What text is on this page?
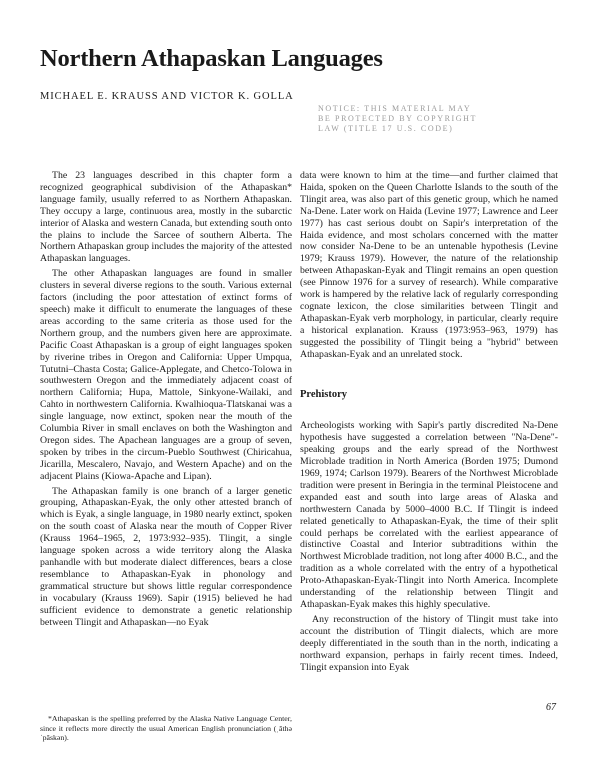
Northern Athapaskan Languages
MICHAEL E. KRAUSS AND VICTOR K. GOLLA
NOTICE: THIS MATERIAL MAY
BE PROTECTED BY COPYRIGHT
LAW (TITLE 17 U.S. CODE)

The 23 languages described in this chapter form a recognized geographical subdivision of the Athapaskan* language family, usually referred to as Northern Athapaskan. They occupy a large, continuous area, mostly in the subarctic interior of Alaska and western Canada, but extending south onto the plains to include the Sarcee of southern Alberta. The Northern Athapaskan group includes the majority of the attested Athapaskan languages.

The other Athapaskan languages are found in smaller clusters in several diverse regions to the south. Various external factors (including the poor attestation of extinct forms of speech) make it difficult to enumerate the languages of these areas according to the same criteria as those used for the Northern group, and the numbers given here are approximate. Pacific Coast Athapaskan is a group of eight languages spoken by riverine tribes in Oregon and California: Upper Umpqua, Tututni–Chasta Costa; Galice-Applegate, and Chetco-Tolowa in southwestern Oregon and the immediately adjacent coast of northern California; Hupa, Mattole, Sinkyone-Wailaki, and Cahto in northwestern California. Kwalhioqua-Tlatskanai was a single language, now extinct, spoken near the mouth of the Columbia River in small enclaves on both the Washington and Oregon sides. The Apachean languages are a group of seven, spoken by tribes in the circum-Pueblo Southwest (Chiricahua, Jicarilla, Mescalero, Navajo, and Western Apache) and on the adjacent Plains (Kiowa-Apache and Lipan).

The Athapaskan family is one branch of a larger genetic grouping, Athapaskan-Eyak, the only other attested branch of which is Eyak, a single language, in 1980 nearly extinct, spoken on the south coast of Alaska near the mouth of Copper River (Krauss 1964–1965, 2, 1973:932–935). Tlingit, a single language spoken across a wide territory along the Alaska panhandle with but moderate dialect differences, bears a close resemblance to Athapaskan-Eyak in phonology and grammatical structure but shows little regular correspondence in vocabulary (Krauss 1969). Sapir (1915) believed he had sufficient evidence to demonstrate a genetic relationship between Tlingit and Athapaskan—no Eyak

*Athapaskan is the spelling preferred by the Alaska Native Language Center, since it reflects more directly the usual American English pronunciation (ˌăthəˈpăskən).

data were known to him at the time—and further claimed that Haida, spoken on the Queen Charlotte Islands to the south of the Tlingit area, was also part of this genetic group, which he named Na-Dene. Later work on Haida (Levine 1977; Lawrence and Leer 1977) has cast serious doubt on Sapir's interpretation of the Haida evidence, and most scholars concerned with the matter now consider Na-Dene to be an untenable hypothesis (Levine 1979; Krauss 1979). However, the nature of the relationship between Athapaskan-Eyak and Tlingit remains an open question (see Pinnow 1976 for a survey of research). While comparative work is hampered by the relative lack of regularly corresponding cognate lexicon, the close similarities between Tlingit and Athapaskan-Eyak verb morphology, in particular, clearly require a historical explanation. Krauss (1973:953–963, 1979) has suggested the possibility of Tlingit being a "hybrid" between Athapaskan-Eyak and an unrelated stock.

Prehistory

Archeologists working with Sapir's partly discredited Na-Dene hypothesis have suggested a correlation between "Na-Dene"-speaking groups and the early spread of the Northwest Microblade tradition in North America (Borden 1975; Dumond 1969, 1974; Carlson 1979). Bearers of the Northwest Microblade tradition were present in Beringia in the terminal Pleistocene and expanded east and south into large areas of Alaska and northwestern Canada by 5000–4000 B.C. If Tlingit is indeed related genetically to Athapaskan-Eyak, the time of their split could perhaps be correlated with the earliest appearance of distinctive Coastal and Interior subtraditions within the Northwest Microblade tradition, not long after 4000 B.C., and the tradition as a whole correlated with the entry of a hypothetical Proto-Athapaskan-Eyak-Tlingit into North America. Incomplete understanding of the relationship between Tlingit and Athapaskan-Eyak makes this highly speculative.

Any reconstruction of the history of Tlingit must take into account the distribution of Tlingit dialects, which are more deeply differentiated in the south than in the north, indicating a northward expansion, perhaps in fairly recent times. Indeed, Tlingit expansion into Eyak

67
